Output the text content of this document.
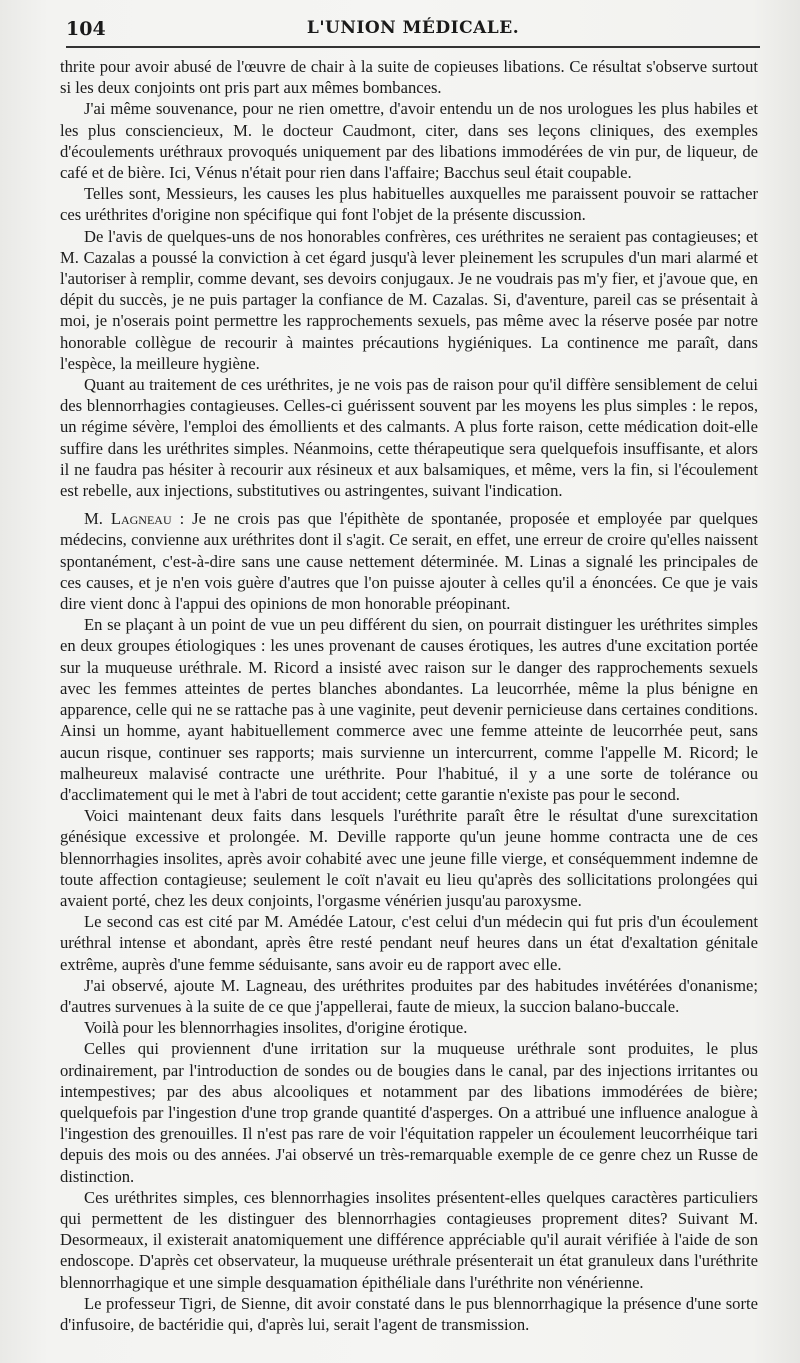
104	L'UNION MÉDICALE.

thrite pour avoir abusé de l'œuvre de chair à la suite de copieuses libations. Ce résultat s'observe surtout si les deux conjoints ont pris part aux mêmes bombances.

J'ai même souvenance, pour ne rien omettre, d'avoir entendu un de nos urologues les plus habiles et les plus consciencieux, M. le docteur Caudmont, citer, dans ses leçons cliniques, des exemples d'écoulements uréthraux provoqués uniquement par des libations immodérées de vin pur, de liqueur, de café et de bière. Ici, Vénus n'était pour rien dans l'affaire; Bacchus seul était coupable.

Telles sont, Messieurs, les causes les plus habituelles auxquelles me paraissent pouvoir se rattacher ces uréthrites d'origine non spécifique qui font l'objet de la présente discussion.

De l'avis de quelques-uns de nos honorables confrères, ces uréthrites ne seraient pas contagieuses; et M. Cazalas a poussé la conviction à cet égard jusqu'à lever pleinement les scrupules d'un mari alarmé et l'autoriser à remplir, comme devant, ses devoirs conjugaux. Je ne voudrais pas m'y fier, et j'avoue que, en dépit du succès, je ne puis partager la confiance de M. Cazalas. Si, d'aventure, pareil cas se présentait à moi, je n'oserais point permettre les rapprochements sexuels, pas même avec la réserve posée par notre honorable collègue de recourir à maintes précautions hygiéniques. La continence me paraît, dans l'espèce, la meilleure hygiène.

Quant au traitement de ces uréthrites, je ne vois pas de raison pour qu'il diffère sensiblement de celui des blennorrhagies contagieuses. Celles-ci guérissent souvent par les moyens les plus simples : le repos, un régime sévère, l'emploi des émollients et des calmants. A plus forte raison, cette médication doit-elle suffire dans les uréthrites simples. Néanmoins, cette thérapeutique sera quelquefois insuffisante, et alors il ne faudra pas hésiter à recourir aux résineux et aux balsamiques, et même, vers la fin, si l'écoulement est rebelle, aux injections, substitutives ou astringentes, suivant l'indication.

M. Lagneau : Je ne crois pas que l'épithète de spontanée, proposée et employée par quelques médecins, convienne aux uréthrites dont il s'agit. Ce serait, en effet, une erreur de croire qu'elles naissent spontanément, c'est-à-dire sans une cause nettement déterminée. M. Linas a signalé les principales de ces causes, et je n'en vois guère d'autres que l'on puisse ajouter à celles qu'il a énoncées. Ce que je vais dire vient donc à l'appui des opinions de mon honorable préopinant.

En se plaçant à un point de vue un peu différent du sien, on pourrait distinguer les uréthrites simples en deux groupes étiologiques : les unes provenant de causes érotiques, les autres d'une excitation portée sur la muqueuse uréthrale. M. Ricord a insisté avec raison sur le danger des rapprochements sexuels avec les femmes atteintes de pertes blanches abondantes. La leucorrhée, même la plus bénigne en apparence, celle qui ne se rattache pas à une vaginite, peut devenir pernicieuse dans certaines conditions. Ainsi un homme, ayant habituellement commerce avec une femme atteinte de leucorrhée peut, sans aucun risque, continuer ses rapports; mais survienne un intercurrent, comme l'appelle M. Ricord; le malheureux malavisé contracte une uréthrite. Pour l'habitué, il y a une sorte de tolérance ou d'acclimatement qui le met à l'abri de tout accident; cette garantie n'existe pas pour le second.

Voici maintenant deux faits dans lesquels l'uréthrite paraît être le résultat d'une surexcitation génésique excessive et prolongée. M. Deville rapporte qu'un jeune homme contracta une de ces blennorrhagies insolites, après avoir cohabité avec une jeune fille vierge, et conséquemment indemne de toute affection contagieuse; seulement le coït n'avait eu lieu qu'après des sollicitations prolongées qui avaient porté, chez les deux conjoints, l'orgasme vénérien jusqu'au paroxysme.

Le second cas est cité par M. Amédée Latour, c'est celui d'un médecin qui fut pris d'un écoulement uréthral intense et abondant, après être resté pendant neuf heures dans un état d'exaltation génitale extrême, auprès d'une femme séduisante, sans avoir eu de rapport avec elle.

J'ai observé, ajoute M. Lagneau, des uréthrites produites par des habitudes invétérées d'onanisme; d'autres survenues à la suite de ce que j'appellerai, faute de mieux, la succion balano-buccale.

Voilà pour les blennorrhagies insolites, d'origine érotique.

Celles qui proviennent d'une irritation sur la muqueuse uréthrale sont produites, le plus ordinairement, par l'introduction de sondes ou de bougies dans le canal, par des injections irritantes ou intempestives; par des abus alcooliques et notamment par des libations immodérées de bière; quelquefois par l'ingestion d'une trop grande quantité d'asperges. On a attribué une influence analogue à l'ingestion des grenouilles. Il n'est pas rare de voir l'équitation rappeler un écoulement leucorrhéique tari depuis des mois ou des années. J'ai observé un très-remarquable exemple de ce genre chez un Russe de distinction.

Ces uréthrites simples, ces blennorrhagies insolites présentent-elles quelques caractères particuliers qui permettent de les distinguer des blennorrhagies contagieuses proprement dites? Suivant M. Desormeaux, il existerait anatomiquement une différence appréciable qu'il aurait vérifiée à l'aide de son endoscope. D'après cet observateur, la muqueuse uréthrale présenterait un état granuleux dans l'uréthrite blennorrhagique et une simple desquamation épithéliale dans l'uréthrite non vénérienne.

Le professeur Tigri, de Sienne, dit avoir constaté dans le pus blennorrhagique la présence d'une sorte d'infusoire, de bactéridie qui, d'après lui, serait l'agent de transmission.
